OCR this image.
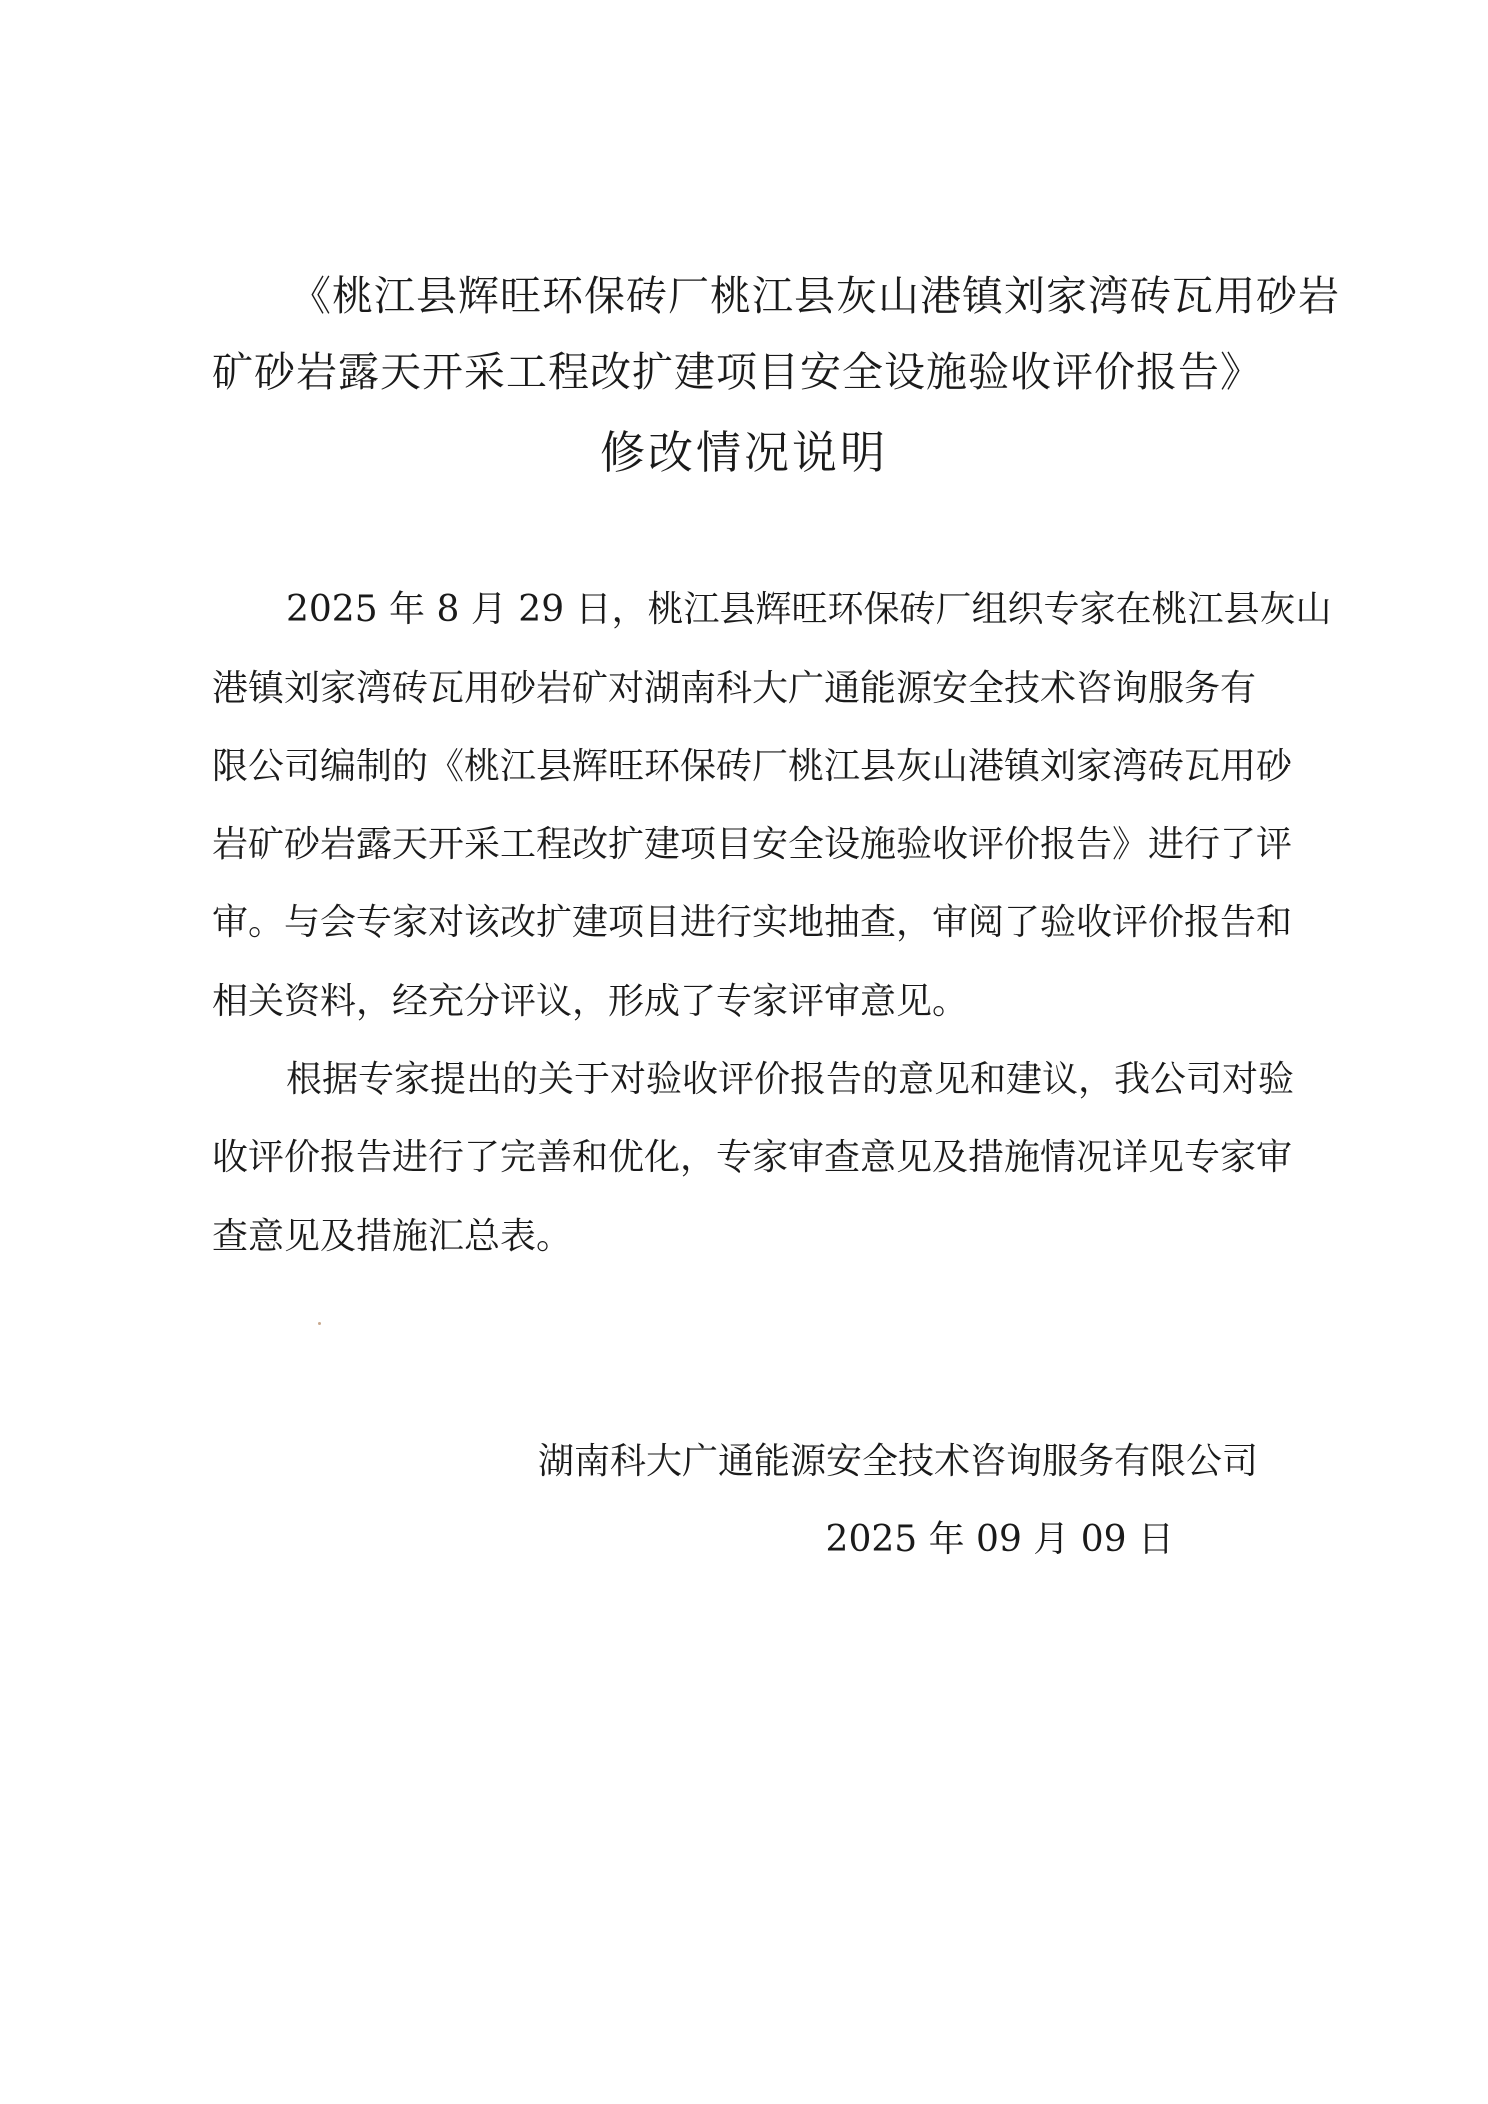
《桃江县辉旺环保砖厂桃江县灰山港镇刘家湾砖瓦用砂岩
矿砂岩露天开采工程改扩建项目安全设施验收评价报告》
修改情况说明
2025 年 8 月 29 日，桃江县辉旺环保砖厂组织专家在桃江县灰山
港镇刘家湾砖瓦用砂岩矿对湖南科大广通能源安全技术咨询服务有
限公司编制的《桃江县辉旺环保砖厂桃江县灰山港镇刘家湾砖瓦用砂
岩矿砂岩露天开采工程改扩建项目安全设施验收评价报告》进行了评
审。与会专家对该改扩建项目进行实地抽查，审阅了验收评价报告和
相关资料，经充分评议，形成了专家评审意见。
根据专家提出的关于对验收评价报告的意见和建议，我公司对验
收评价报告进行了完善和优化，专家审查意见及措施情况详见专家审
查意见及措施汇总表。
湖南科大广通能源安全技术咨询服务有限公司
2025 年 09 月 09 日
